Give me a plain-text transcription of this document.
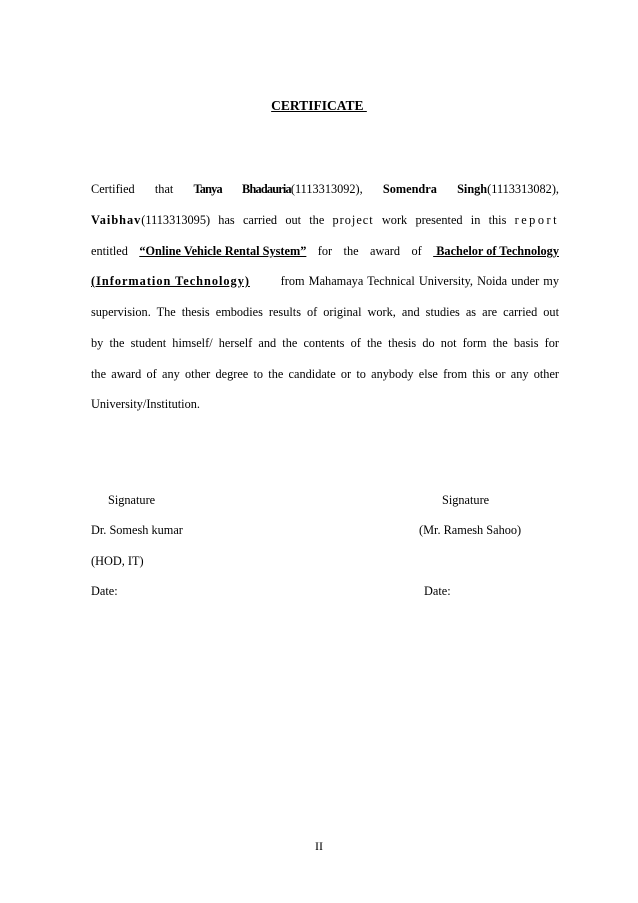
CERTIFICATE
Certified that Tanya Bhadauria(1113313092), Somendra Singh(1113313082),
Vaibhav(1113313095) has carried out the project work presented in this report
entitled “Online Vehicle Rental System” for the award of Bachelor of Technology
(Information Technology) from Mahamaya Technical University, Noida under my
supervision. The thesis embodies results of original work, and studies as are carried out
by the student himself/ herself and the contents of the thesis do not form the basis for
the award of any other degree to the candidate or to anybody else from this or any other
University/Institution.
Signature
Dr. Somesh kumar
(HOD, IT)
Date:
Signature
(Mr. Ramesh Sahoo)
Date:
II
